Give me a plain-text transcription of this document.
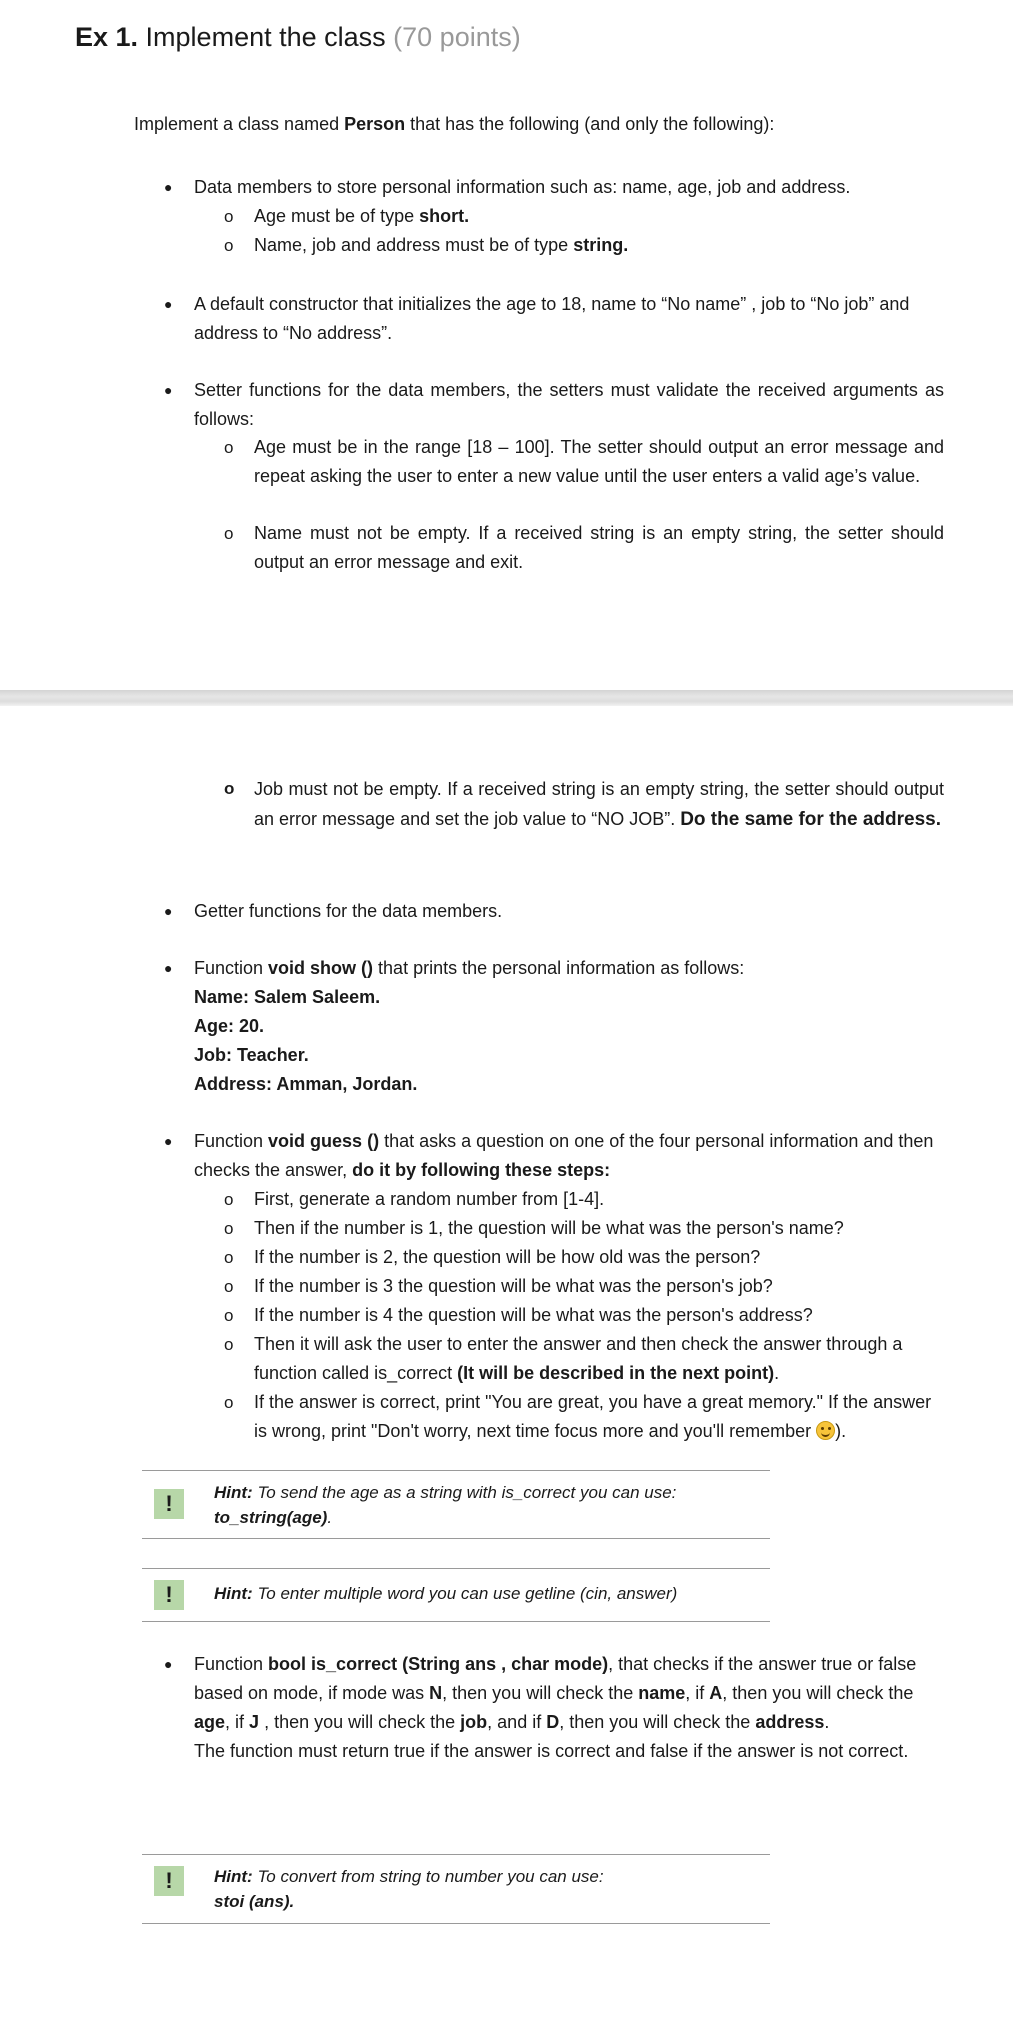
Ex 1. Implement the class (70 points)
Implement a class named Person that has the following (and only the following):
● Data members to store personal information such as: name, age, job and address.
o Age must be of type short.
o Name, job and address must be of type string.
● A default constructor that initializes the age to 18, name to “No name” , job to “No job” and address to “No address”.
● Setter functions for the data members, the setters must validate the received arguments as follows:
o Age must be in the range [18 – 100]. The setter should output an error message and repeat asking the user to enter a new value until the user enters a valid age’s value.
o Name must not be empty. If a received string is an empty string, the setter should output an error message and exit.
o Job must not be empty. If a received string is an empty string, the setter should output an error message and set the job value to “NO JOB”. Do the same for the address.
● Getter functions for the data members.
● Function void show () that prints the personal information as follows:
Name: Salem Saleem.
Age: 20.
Job: Teacher.
Address: Amman, Jordan.
● Function void guess () that asks a question on one of the four personal information and then checks the answer, do it by following these steps:
o First, generate a random number from [1-4].
o Then if the number is 1, the question will be what was the person's name?
o If the number is 2, the question will be how old was the person?
o If the number is 3 the question will be what was the person's job?
o If the number is 4 the question will be what was the person's address?
o Then it will ask the user to enter the answer and then check the answer through a function called is_correct (It will be described in the next point).
o If the answer is correct, print "You are great, you have a great memory." If the answer is wrong, print "Don't worry, next time focus more and you'll remember ).
!	Hint: To send the age as a string with is_correct you can use:
to_string(age).
!	Hint: To enter multiple word you can use getline (cin, answer)
● Function bool is_correct (String ans , char mode), that checks if the answer true or false based on mode, if mode was N, then you will check the name, if A, then you will check the age, if J , then you will check the job, and if D, then you will check the address.
The function must return true if the answer is correct and false if the answer is not correct.
!	Hint: To convert from string to number you can use:
stoi (ans).
